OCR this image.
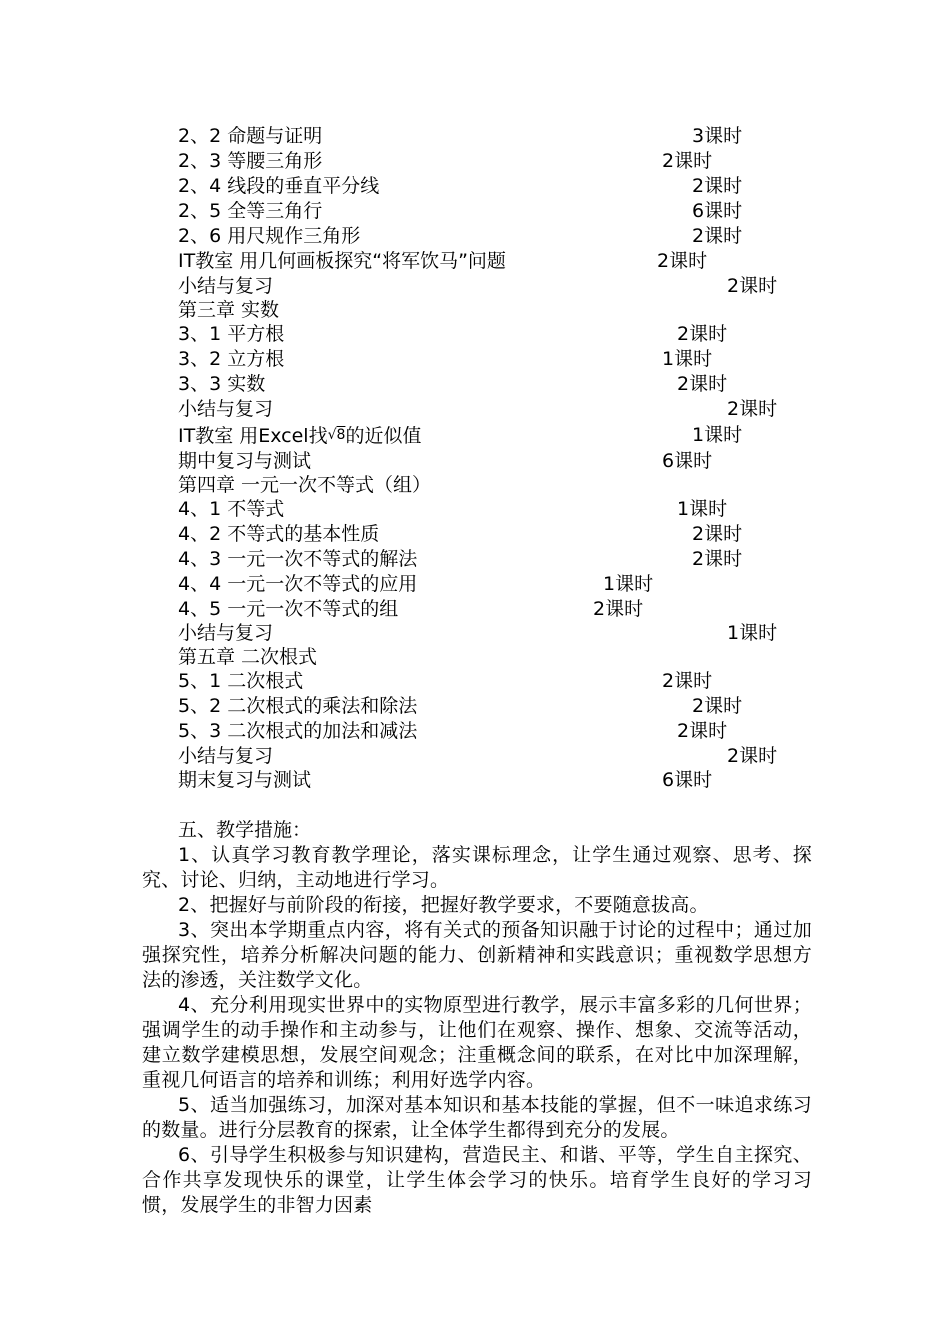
2、2 命题与证明	3课时
2、3 等腰三角形	2课时
2、4 线段的垂直平分线	2课时
2、5 全等三角行	6课时
2、6 用尺规作三角形	2课时
IT教室 用几何画板探究“将军饮马”问题	2课时
小结与复习	2课时
第三章 实数
3、1 平方根	2课时
3、2 立方根	1课时
3、3 实数	2课时
小结与复习	2课时
IT教室 用Excel找√8的近似值	1课时
期中复习与测试	6课时
第四章 一元一次不等式（组）
4、1 不等式	1课时
4、2 不等式的基本性质	2课时
4、3 一元一次不等式的解法	2课时
4、4 一元一次不等式的应用	1课时
4、5 一元一次不等式的组	2课时
小结与复习	1课时
第五章 二次根式
5、1 二次根式	2课时
5、2 二次根式的乘法和除法	2课时
5、3 二次根式的加法和减法	2课时
小结与复习	2课时
期末复习与测试	6课时
五、教学措施：

1、认真学习教育教学理论，落实课标理念，让学生通过观察、思考、探究、讨论、归纳，主动地进行学习。

2、把握好与前阶段的衔接，把握好教学要求，不要随意拔高。

3、突出本学期重点内容，将有关式的预备知识融于讨论的过程中；通过加强探究性，培养分析解决问题的能力、创新精神和实践意识；重视数学思想方法的渗透，关注数学文化。

4、充分利用现实世界中的实物原型进行教学，展示丰富多彩的几何世界；强调学生的动手操作和主动参与，让他们在观察、操作、想象、交流等活动，建立数学建模思想，发展空间观念；注重概念间的联系，在对比中加深理解，重视几何语言的培养和训练；利用好选学内容。

5、适当加强练习，加深对基本知识和基本技能的掌握，但不一味追求练习的数量。进行分层教育的探索，让全体学生都得到充分的发展。

6、引导学生积极参与知识建构，营造民主、和谐、平等，学生自主探究、合作共享发现快乐的课堂，让学生体会学习的快乐。培育学生良好的学习习惯，发展学生的非智力因素
